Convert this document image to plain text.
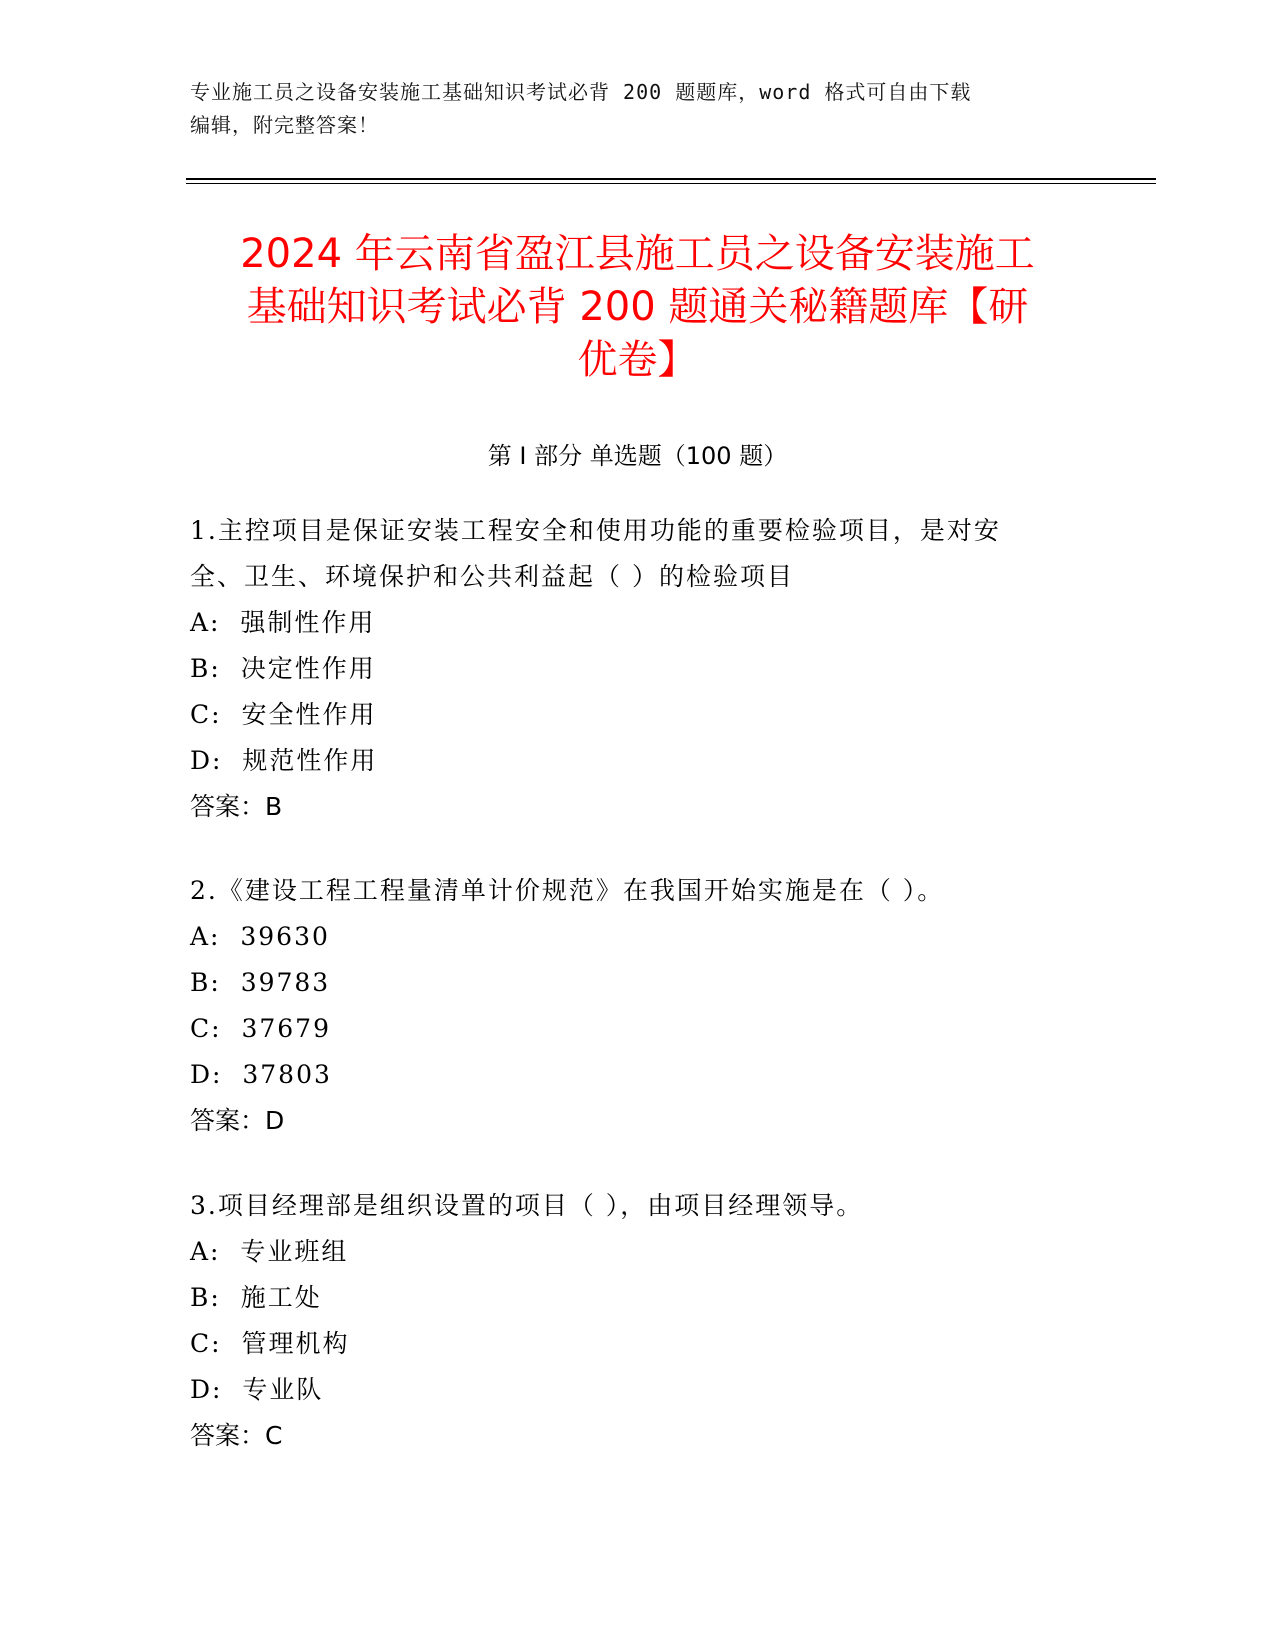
专业施工员之设备安装施工基础知识考试必背 200 题题库，word 格式可自由下载
编辑，附完整答案！
2024 年云南省盈江县施工员之设备安装施工
基础知识考试必背 200 题通关秘籍题库【研
优卷】
第 I 部分 单选题（100 题）

1.主控项目是保证安装工程安全和使用功能的重要检验项目，是对安

全、卫生、环境保护和公共利益起（ ）的检验项目

A:  强制性作用

B:  决定性作用

C:  安全性作用

D:  规范性作用

答案：B

2.《建设工程工程量清单计价规范》在我国开始实施是在（ ）。

A:  39630

B:  39783

C:  37679

D:  37803

答案：D

3.项目经理部是组织设置的项目（ ），由项目经理领导。

A:  专业班组

B:  施工处

C:  管理机构

D:  专业队

答案：C
